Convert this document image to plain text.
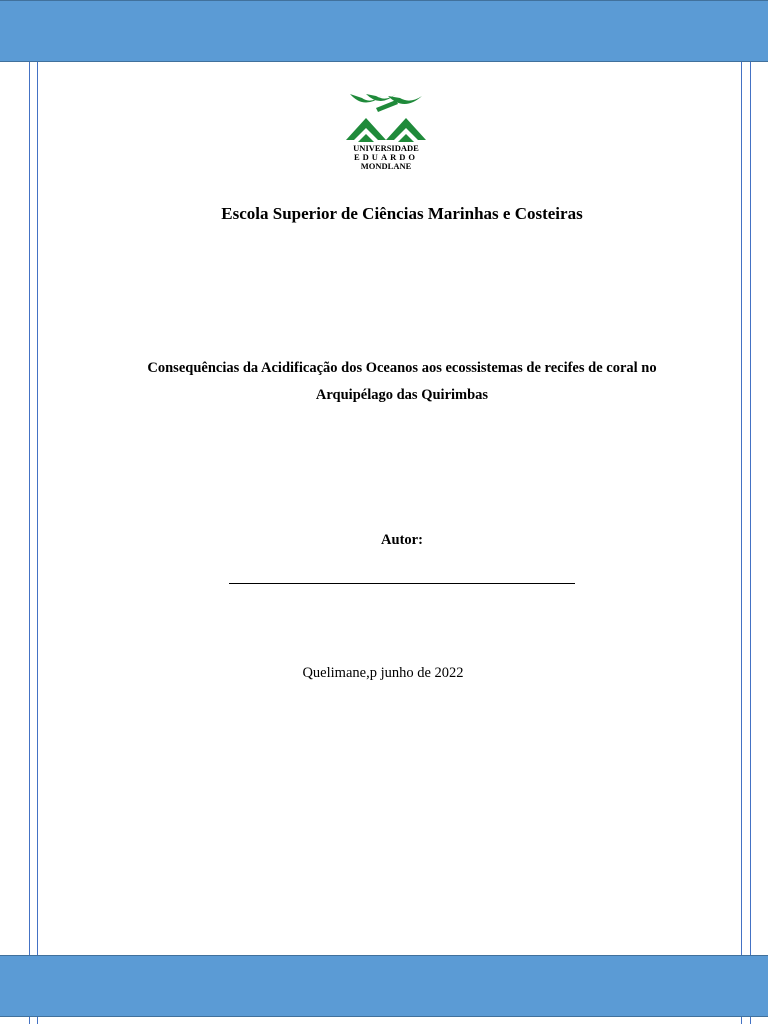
UNIVERSIDADE
EDUARDO
MONDLANE
Escola Superior de Ciências Marinhas e Costeiras
Consequências da Acidificação dos Oceanos aos ecossistemas de recifes de coral no
Arquipélago das Quirimbas
Autor:
Quelimane,p junho de 2022
